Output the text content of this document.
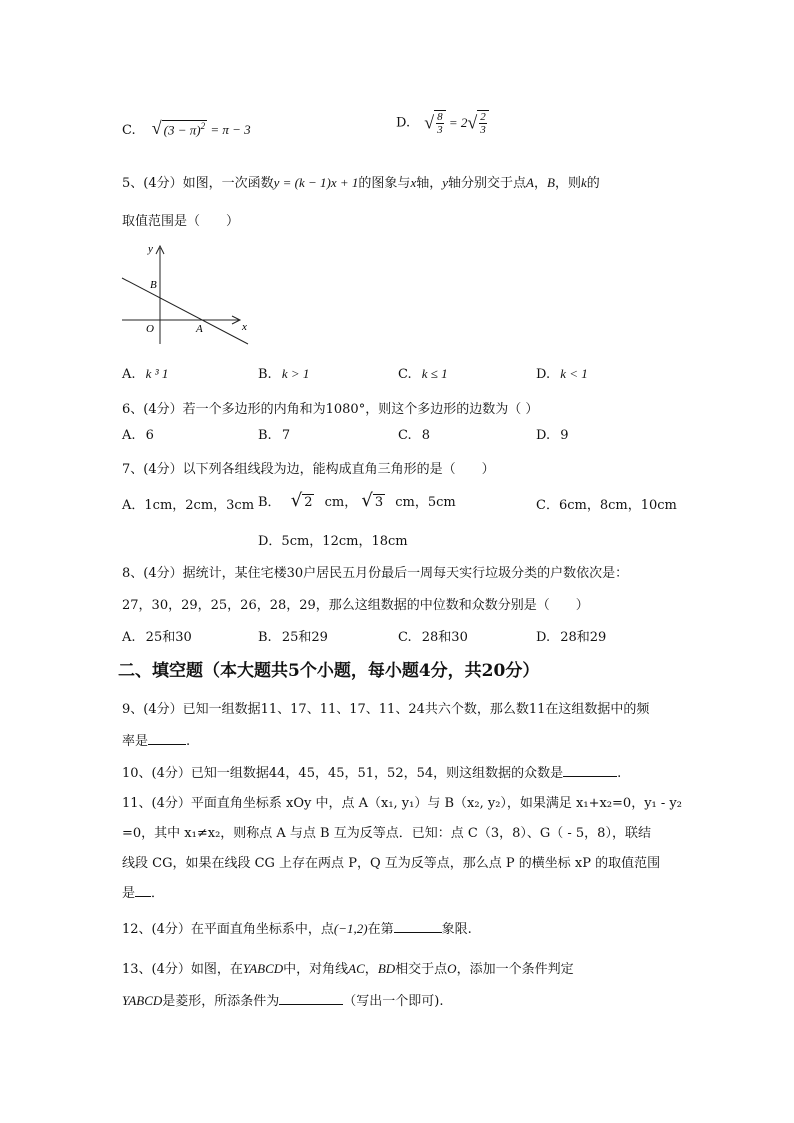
C. √ $(3 - \pi)^2 = \pi - 3$	D. √ $\frac{8}{3} = 2√ \frac{2}{3}$
5、(4分）如图，一次函数y = (k − 1)x + 1的图象与x轴，y轴分别交于点A，B，则k的
取值范围是（　　）
y
x
O	A
B
A. k ³ 1	B. k > 1	C. k ≤ 1	D. k < 1
6、(4分）若一个多边形的内角和为1080°，则这个多边形的边数为（ ）
A. 6	B. 7	C. 8	D. 9
7、(4分）以下列各组线段为边，能构成直角三角形的是（　　）
A．1cm，2cm，3cm B． √ 2 cm， √ 3 cm，5cm	C．6cm，8cm，10cm
D．5cm，12cm，18cm
8、(4分）据统计，某住宅楼30户居民五月份最后一周每天实行垃圾分类的户数依次是：
27，30，29，25，26，28，29，那么这组数据的中位数和众数分别是（　　）
A. 25和30	B. 25和29	C. 28和30	D. 28和29
二、填空题（本大题共5个小题，每小题4分，共20分）
9、(4分）已知一组数据11、17、11、17、11、24共六个数，那么数11在这组数据中的频
率是	.
10、(4分）已知一组数据44，45，45，51，52，54，则这组数据的众数是	.
11、(4分）平面直角坐标系 xOy 中，点 A（x₁, y₁）与 B（x₂, y₂），如果满足 x₁+x₂=0，y₁ - y₂
=0，其中 x₁≠x₂，则称点 A 与点 B 互为反等点．已知：点 C（3，8）、G（ - 5，8），联结
线段 CG，如果在线段 CG 上存在两点 P，Q 互为反等点，那么点 P 的横坐标 xP 的取值范围
是 ．
12、(4分）在平面直角坐标系中，点(−1,2)在第	象限.
13、(4分）如图，在YABCD中，对角线AC，BD相交于点O，添加一个条件判定
YABCD是菱形，所添条件为	（写出一个即可).
